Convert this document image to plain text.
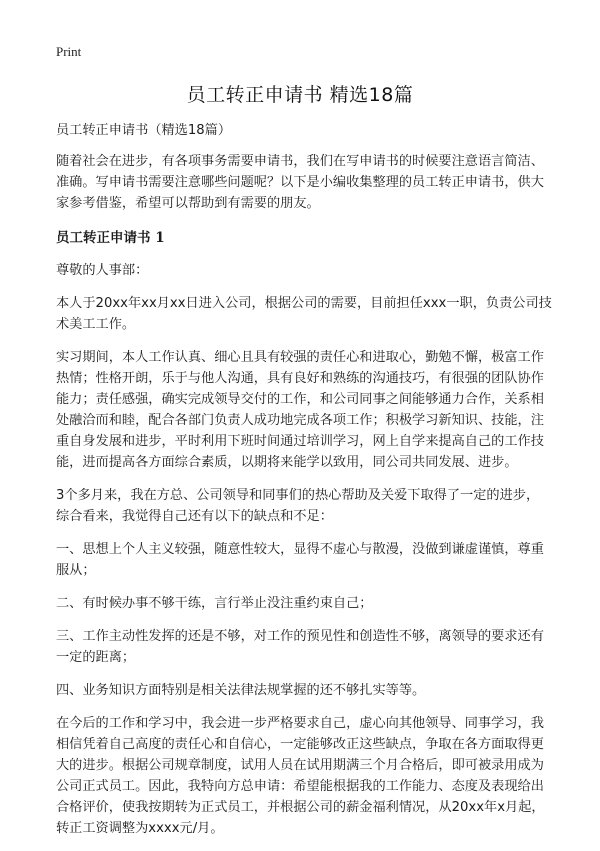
Print
员工转正申请书 精选18篇

员工转正申请书（精选18篇）

随着社会在进步，有各项事务需要申请书，我们在写申请书的时候要注意语言简洁、准确。写申请书需要注意哪些问题呢？以下是小编收集整理的员工转正申请书，供大家参考借鉴，希望可以帮助到有需要的朋友。

员工转正申请书 1

尊敬的人事部：

本人于20xx年xx月xx日进入公司，根据公司的需要，目前担任xxx一职，负责公司技术美工工作。

实习期间，本人工作认真、细心且具有较强的责任心和进取心，勤勉不懈，极富工作热情；性格开朗，乐于与他人沟通，具有良好和熟练的沟通技巧，有很强的团队协作能力；责任感强，确实完成领导交付的工作，和公司同事之间能够通力合作，关系相处融洽而和睦，配合各部门负责人成功地完成各项工作；积极学习新知识、技能，注重自身发展和进步，平时利用下班时间通过培训学习，网上自学来提高自己的工作技能，进而提高各方面综合素质，以期将来能学以致用，同公司共同发展、进步。

3个多月来，我在方总、公司领导和同事们的热心帮助及关爱下取得了一定的进步，综合看来，我觉得自己还有以下的缺点和不足：

一、思想上个人主义较强，随意性较大，显得不虚心与散漫，没做到谦虚谨慎，尊重服从；

二、有时候办事不够干练，言行举止没注重约束自己；

三、工作主动性发挥的还是不够，对工作的预见性和创造性不够，离领导的要求还有一定的距离；

四、业务知识方面特别是相关法律法规掌握的还不够扎实等等。

在今后的工作和学习中，我会进一步严格要求自己，虚心向其他领导、同事学习，我相信凭着自己高度的责任心和自信心，一定能够改正这些缺点，争取在各方面取得更大的进步。根据公司规章制度，试用人员在试用期满三个月合格后，即可被录用成为公司正式员工。因此，我特向方总申请：希望能根据我的工作能力、态度及表现给出合格评价，使我按期转为正式员工，并根据公司的薪金福利情况，从20xx年x月起，转正工资调整为xxxx元/月。
